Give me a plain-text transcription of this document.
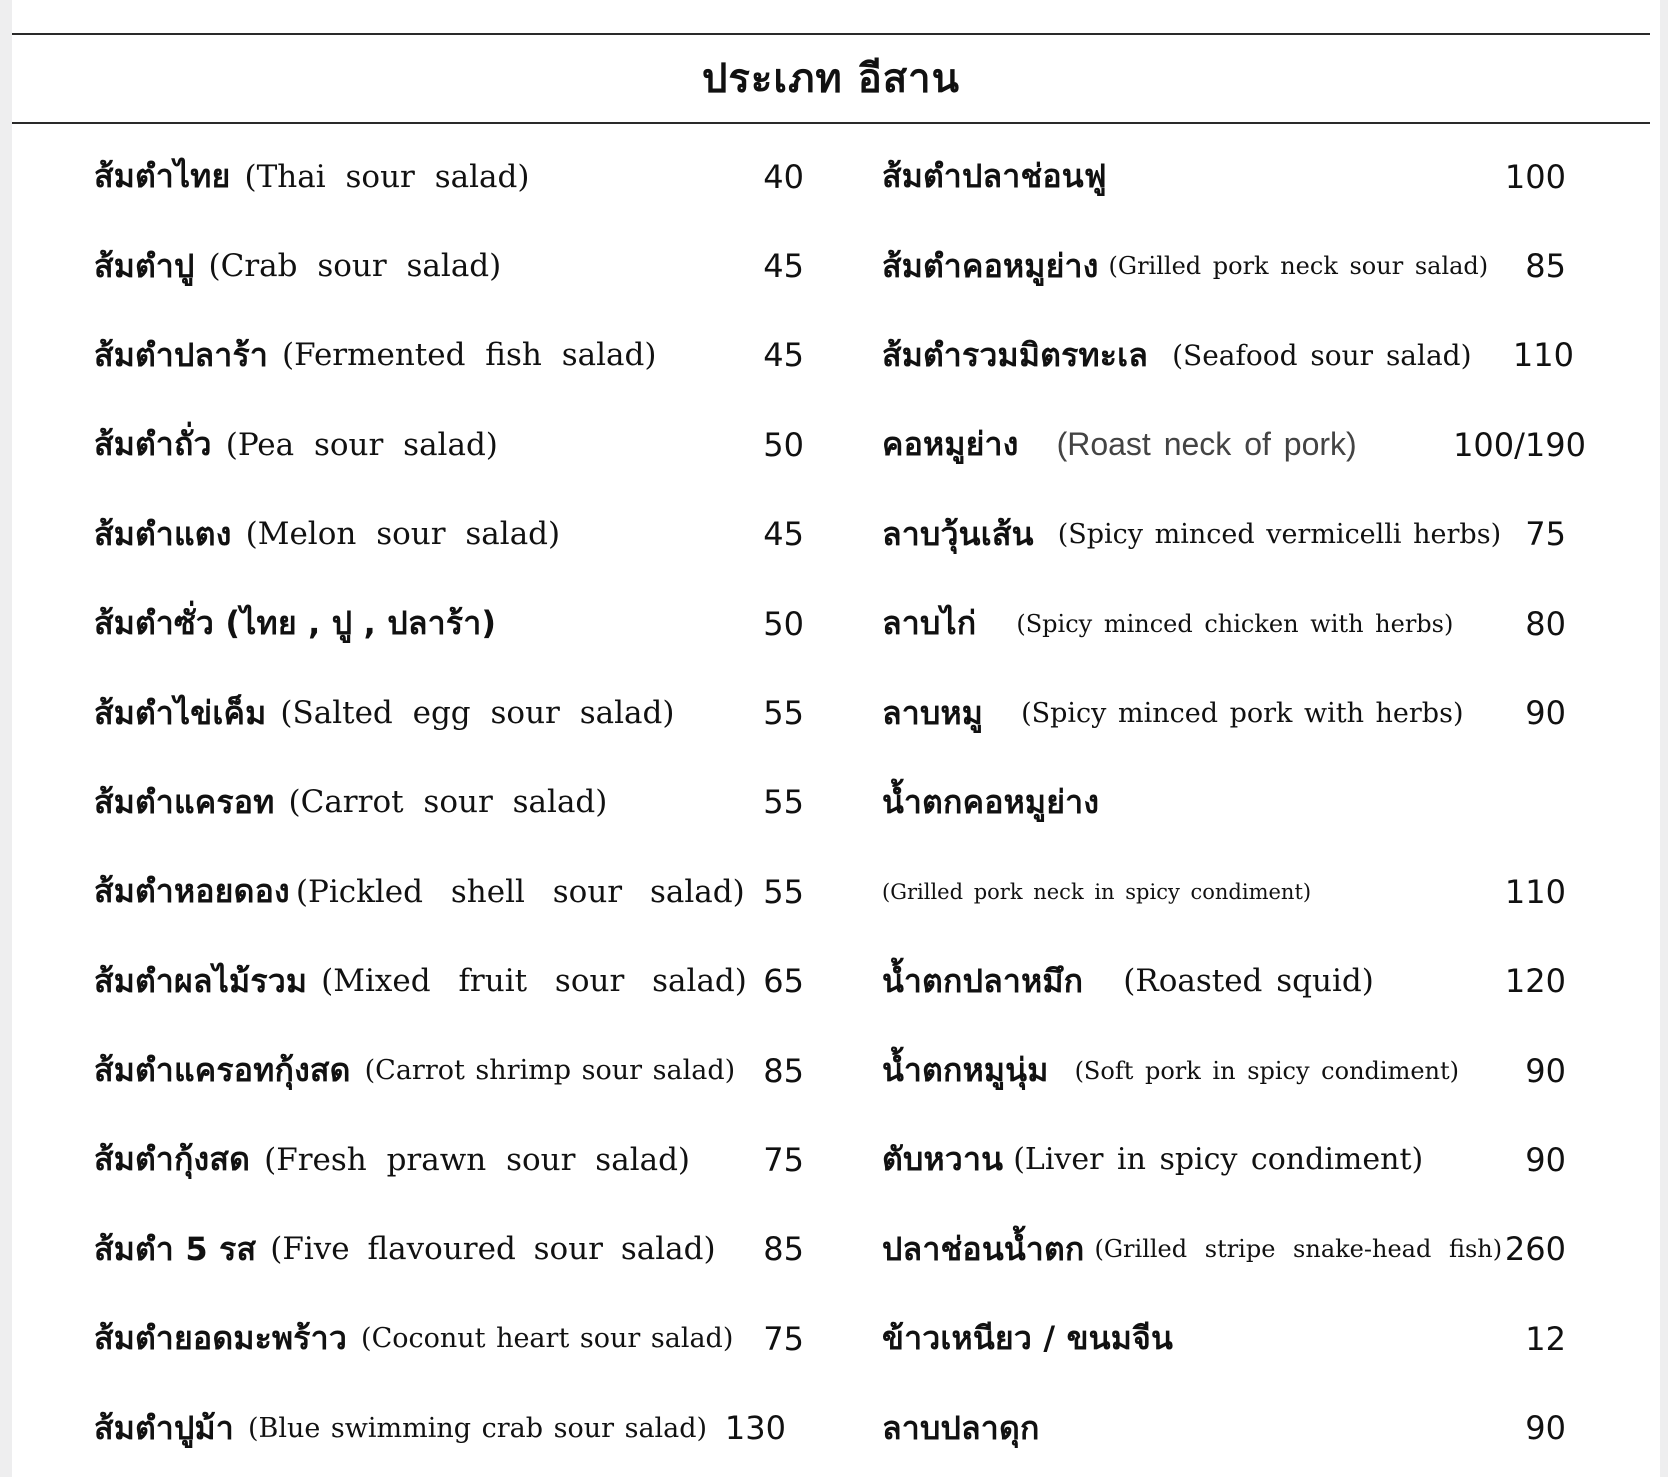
ประเภท อีสาน
ส้มตำไทย (Thai sour salad)	40
ส้มตำปู (Crab sour salad)	45
ส้มตำปลาร้า (Fermented fish salad)	45
ส้มตำถั่ว (Pea sour salad)	50
ส้มตำแตง (Melon sour salad)	45
ส้มตำซั่ว (ไทย , ปู , ปลาร้า)	50
ส้มตำไข่เค็ม (Salted egg sour salad)	55
ส้มตำแครอท (Carrot sour salad)	55
ส้มตำหอยดอง (Pickled shell sour salad) 55
ส้มตำผลไม้รวม (Mixed fruit sour salad) 65
ส้มตำแครอทกุ้งสด (Carrot shrimp sour salad) 85
ส้มตำกุ้งสด (Fresh prawn sour salad) 75
ส้มตำ 5 รส (Five flavoured sour salad) 85
ส้มตำยอดมะพร้าว (Coconut heart sour salad) 75
ส้มตำปูม้า (Blue swimming crab sour salad) 130
ส้มตำปลาช่อนฟู	100
ส้มตำคอหมูย่าง (Grilled pork neck sour salad) 85
ส้มตำรวมมิตรทะเล (Seafood sour salad) 110
คอหมูย่าง (Roast neck of pork)	100/190
ลาบวุ้นเส้น (Spicy minced vermicelli herbs) 75
ลาบไก่ (Spicy minced chicken with herbs) 80
ลาบหมู (Spicy minced pork with herbs) 90
น้ำตกคอหมูย่าง
(Grilled pork neck in spicy condiment)	110
น้ำตกปลาหมึก (Roasted squid)	120
น้ำตกหมูนุ่ม (Soft pork in spicy condiment) 90
ตับหวาน (Liver in spicy condiment)	90
ปลาช่อนน้ำตก (Grilled stripe snake-head fish) 260
ข้าวเหนียว / ขนมจีน	12
ลาบปลาดุก	90
